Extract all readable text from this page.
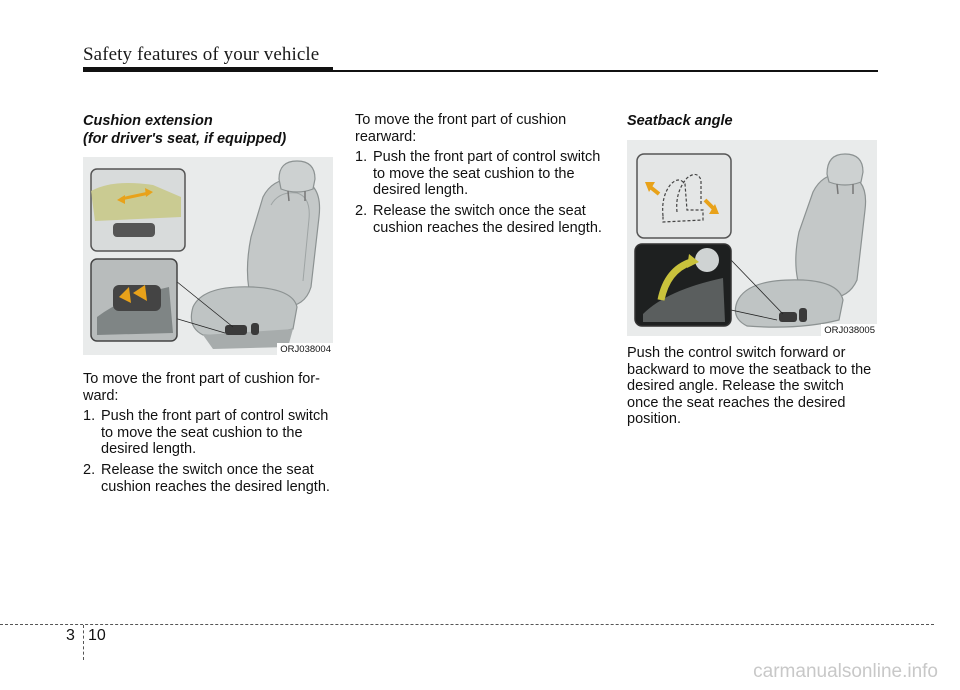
Safety features of your vehicle
Cushion extension
(for driver's seat, if equipped)
ORJ038004

To move the front part of cushion for-ward:

1. Push the front part of control switch to move the seat cushion to the desired length.
2. Release the switch once the seat cushion reaches the desired length.

To move the front part of cushion rearward:

1. Push the front part of control switch to move the seat cushion to the desired length.
2. Release the switch once the seat cushion reaches the desired length.
Seatback angle
ORJ038005

Push the control switch forward or backward to move the seatback to the desired angle. Release the switch once the seat reaches the desired position.

3 10
carmanualsonline.info
